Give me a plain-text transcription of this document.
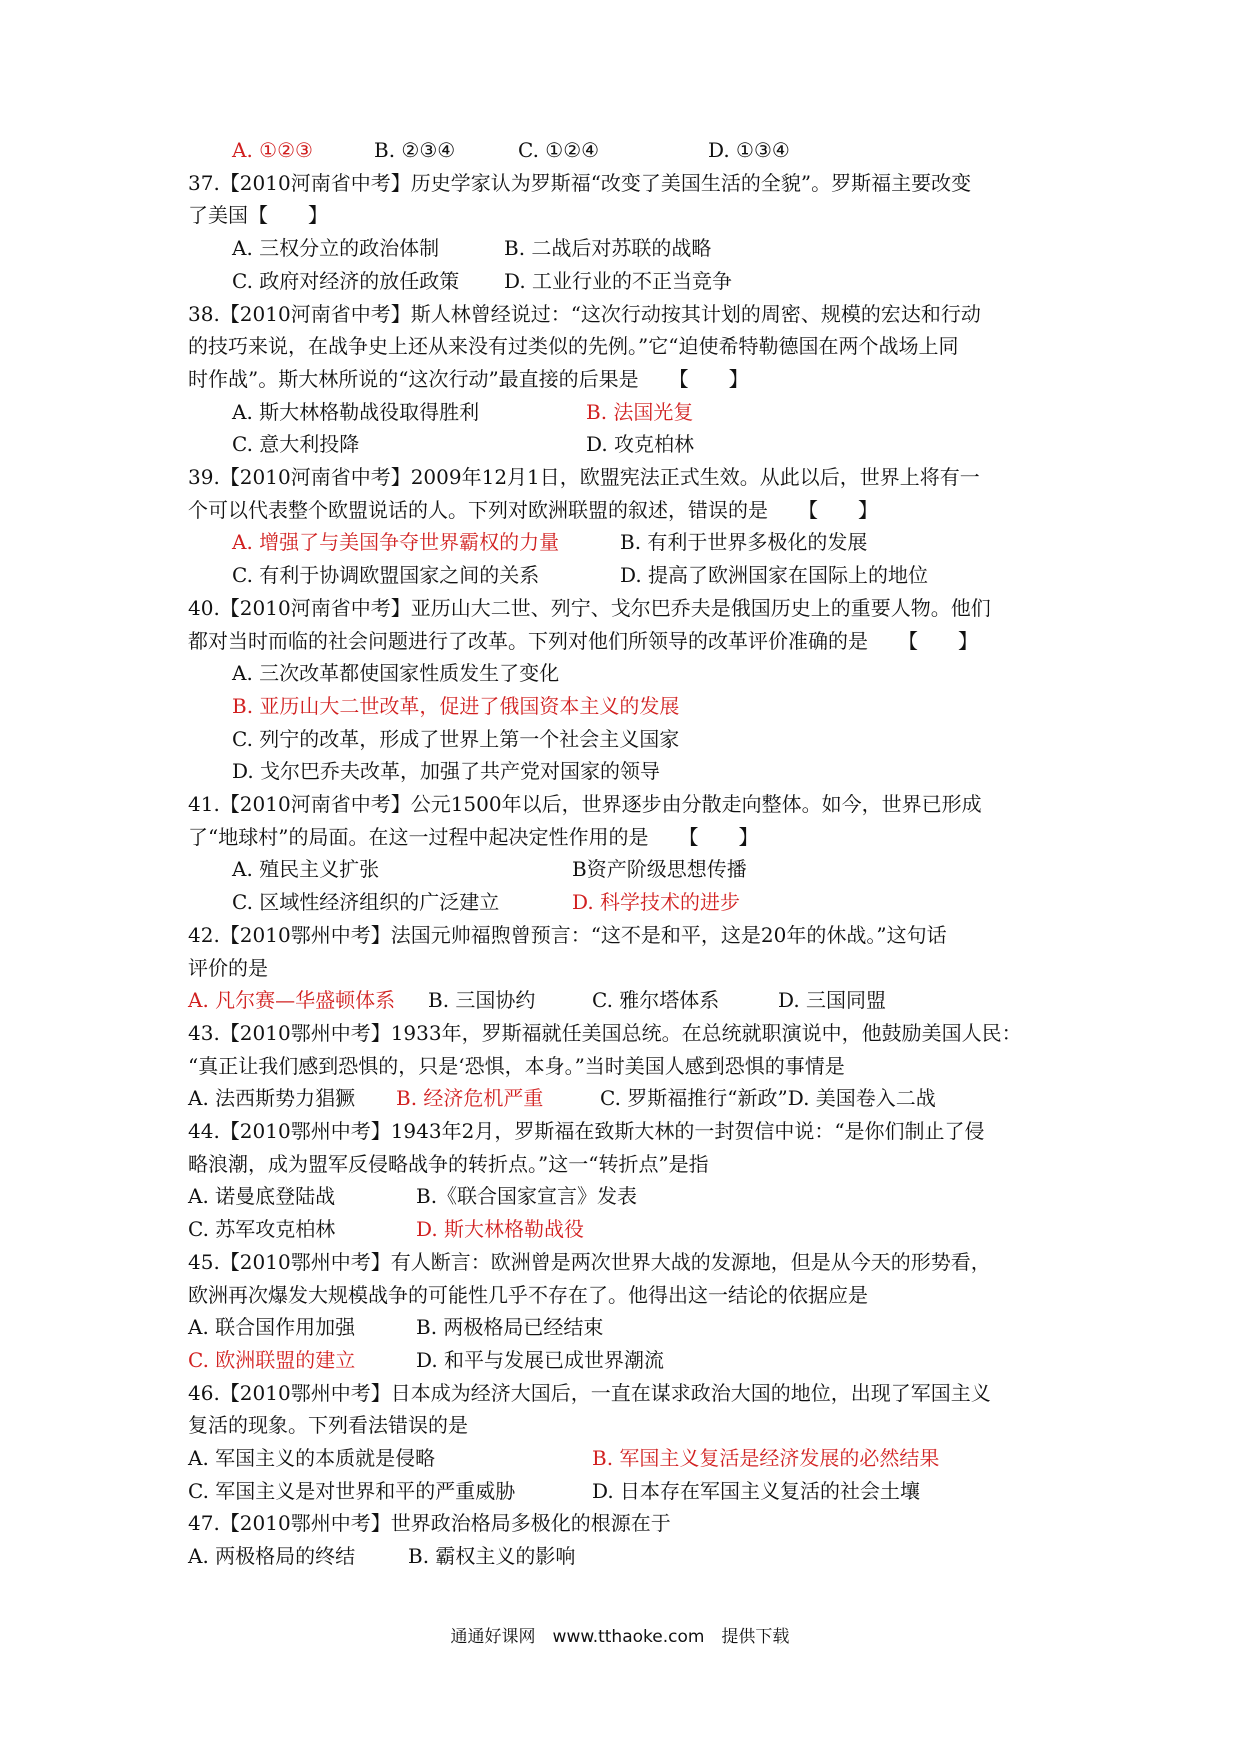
A. ①②③	B. ②③④	C. ①②④	D. ①③④
37.【2010河南省中考】历史学家认为罗斯福“改变了美国生活的全貌”。罗斯福主要改变
了美国【　　】
A. 三权分立的政治体制	B. 二战后对苏联的战略
C. 政府对经济的放任政策 D. 工业行业的不正当竞争
38.【2010河南省中考】斯人林曾经说过：“这次行动按其计划的周密、规模的宏达和行动
的技巧来说，在战争史上还从来没有过类似的先例。”它“迫使希特勒德国在两个战场上同
时作战”。斯大林所说的“这次行动”最直接的后果是　　【　　】
A. 斯大林格勒战役取得胜利	B. 法国光复
C. 意大利投降	D. 攻克柏林
39.【2010河南省中考】2009年12月1日，欧盟宪法正式生效。从此以后，世界上将有一
个可以代表整个欧盟说话的人。下列对欧洲联盟的叙述，错误的是　　【　　】
A. 增强了与美国争夺世界霸权的力量	B. 有利于世界多极化的发展
C. 有利于协调欧盟国家之间的关系	D. 提高了欧洲国家在国际上的地位
40.【2010河南省中考】亚历山大二世、列宁、戈尔巴乔夫是俄国历史上的重要人物。他们
都对当时而临的社会问题进行了改革。下列对他们所领导的改革评价准确的是　　【　　】
A. 三次改革都使国家性质发生了变化
B. 亚历山大二世改革，促进了俄国资本主义的发展
C. 列宁的改革，形成了世界上第一个社会主义国家
D. 戈尔巴乔夫改革，加强了共产党对国家的领导
41.【2010河南省中考】公元1500年以后，世界逐步由分散走向整体。如今，世界已形成
了“地球村”的局面。在这一过程中起决定性作用的是　　【　　】
A. 殖民主义扩张	B资产阶级思想传播
C. 区域性经济组织的广泛建立	D. 科学技术的进步
42.【2010鄂州中考】法国元帅福煦曾预言：“这不是和平，这是20年的休战。”这句话
评价的是
A. 凡尔赛—华盛顿体系 B. 三国协约	C. 雅尔塔体系	D. 三国同盟
43.【2010鄂州中考】1933年，罗斯福就任美国总统。在总统就职演说中，他鼓励美国人民：
“真正让我们感到恐惧的，只是‘恐惧，本身。”当时美国人感到恐惧的事情是
A. 法西斯势力猖獗 B. 经济危机严重	C. 罗斯福推行“新政”D. 美国卷入二战
44.【2010鄂州中考】1943年2月，罗斯福在致斯大林的一封贺信中说：“是你们制止了侵
略浪潮，成为盟军反侵略战争的转折点。”这一“转折点”是指
A. 诺曼底登陆战	B.《联合国家宣言》发表
C. 苏军攻克柏林	D. 斯大林格勒战役
45.【2010鄂州中考】有人断言：欧洲曾是两次世界大战的发源地，但是从今天的形势看，
欧洲再次爆发大规模战争的可能性几乎不存在了。他得出这一结论的依据应是
A. 联合国作用加强	B. 两极格局已经结束
C. 欧洲联盟的建立	D. 和平与发展已成世界潮流
46.【2010鄂州中考】日本成为经济大国后，一直在谋求政治大国的地位，出现了军国主义
复活的现象。下列看法错误的是
A. 军国主义的本质就是侵略	B. 军国主义复活是经济发展的必然结果
C. 军国主义是对世界和平的严重威胁	D. 日本存在军国主义复活的社会土壤
47.【2010鄂州中考】世界政治格局多极化的根源在于
A. 两极格局的终结	B. 霸权主义的影响
通通好课网　www.tthaoke.com　提供下载
